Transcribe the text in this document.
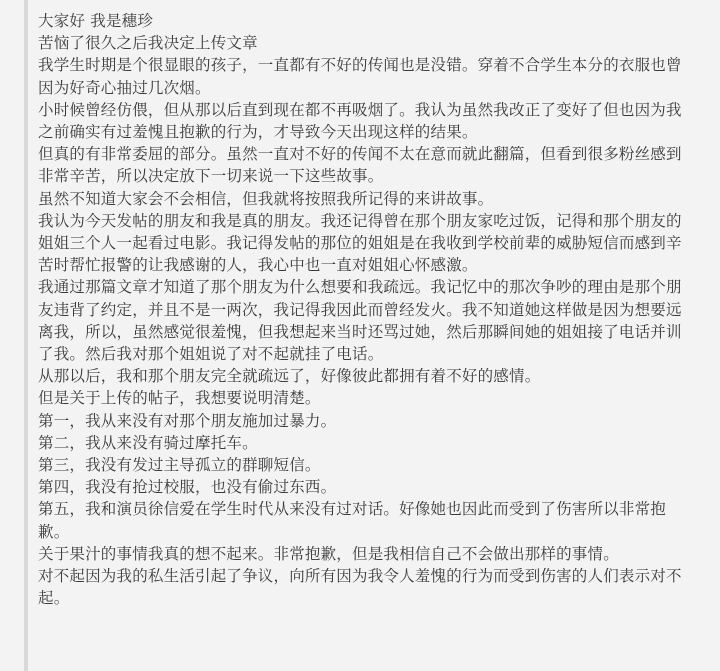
大家好 我是穗珍

苦恼了很久之后我决定上传文章

我学生时期是个很显眼的孩子，一直都有不好的传闻也是没错。穿着不合学生本分的衣服也曾因为好奇心抽过几次烟。

小时候曾经仿偎，但从那以后直到现在都不再吸烟了。我认为虽然我改正了变好了但也因为我之前确实有过羞愧且抱歉的行为，才导致今天出现这样的结果。

但真的有非常委屈的部分。虽然一直对不好的传闻不太在意而就此翻篇，但看到很多粉丝感到非常辛苦，所以决定放下一切来说一下这些故事。

虽然不知道大家会不会相信，但我就将按照我所记得的来讲故事。

我认为今天发帖的朋友和我是真的朋友。我还记得曾在那个朋友家吃过饭，记得和那个朋友的姐姐三个人一起看过电影。我记得发帖的那位的姐姐是在我收到学校前辈的威胁短信而感到辛苦时帮忙报警的让我感谢的人，我心中也一直对姐姐心怀感激。

我通过那篇文章才知道了那个朋友为什么想要和我疏远。我记忆中的那次争吵的理由是那个朋友违背了约定，并且不是一两次，我记得我因此而曾经发火。我不知道她这样做是因为想要远离我，所以，虽然感觉很羞愧，但我想起来当时还骂过她，然后那瞬间她的姐姐接了电话并训了我。然后我对那个姐姐说了对不起就挂了电话。

从那以后，我和那个朋友完全就疏远了，好像彼此都拥有着不好的感情。

但是关于上传的帖子，我想要说明清楚。

第一，我从来没有对那个朋友施加过暴力。

第二，我从来没有骑过摩托车。

第三，我没有发过主导孤立的群聊短信。

第四，我没有抢过校服，也没有偷过东西。

第五，我和演员徐信爱在学生时代从来没有过对话。好像她也因此而受到了伤害所以非常抱歉。

关于果汁的事情我真的想不起来。非常抱歉，但是我相信自己不会做出那样的事情。

对不起因为我的私生活引起了争议，向所有因为我令人羞愧的行为而受到伤害的人们表示对不起。
